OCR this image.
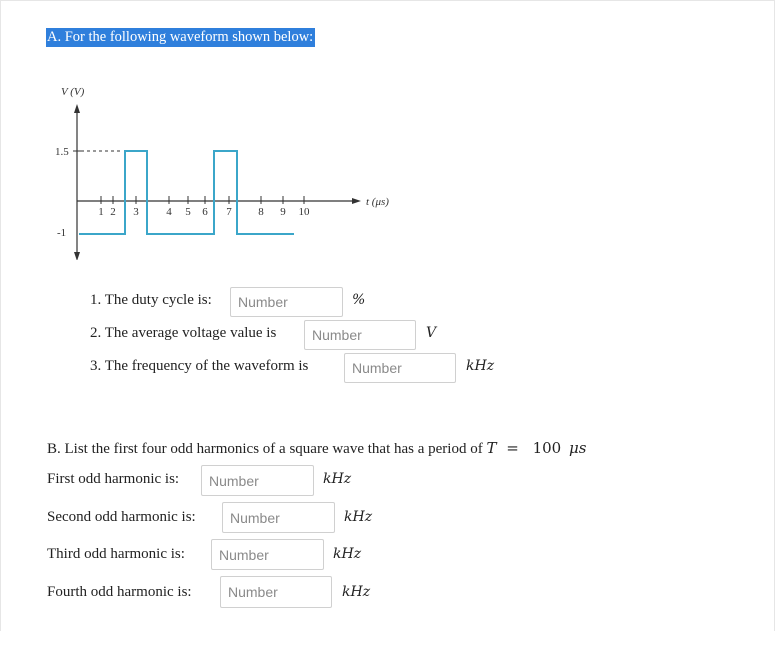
A. For the following waveform shown below:
V (V)
1.5
-1
1 2 3	4 5 6 7 8 9 10
t (μs)
1. The duty cycle is:
Number	%
2. The average voltage value is
Number	V
3. The frequency of the waveform is
Number	kHz
B. List the first four odd harmonics of a square wave that has a period of T = 100 μs
First odd harmonic is:
Number	kHz
Second odd harmonic is:
Number	kHz
Third odd harmonic is:
Number	kHz
Fourth odd harmonic is:
Number	kHz
